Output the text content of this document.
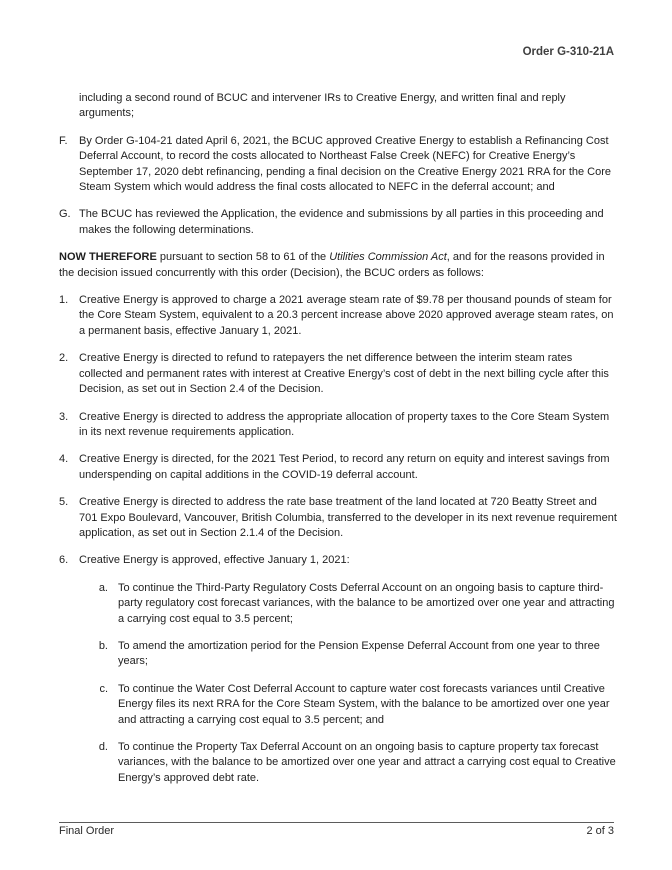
Order G-310-21A

including a second round of BCUC and intervener IRs to Creative Energy, and written final and reply arguments;

F.	By Order G-104-21 dated April 6, 2021, the BCUC approved Creative Energy to establish a Refinancing Cost Deferral Account, to record the costs allocated to Northeast False Creek (NEFC) for Creative Energy’s September 17, 2020 debt refinancing, pending a final decision on the Creative Energy 2021 RRA for the Core Steam System which would address the final costs allocated to NEFC in the deferral account; and
G. The BCUC has reviewed the Application, the evidence and submissions by all parties in this proceeding and makes the following determinations.

NOW THEREFORE pursuant to section 58 to 61 of the Utilities Commission Act, and for the reasons provided in the decision issued concurrently with this order (Decision), the BCUC orders as follows:

1. Creative Energy is approved to charge a 2021 average steam rate of $9.78 per thousand pounds of steam for the Core Steam System, equivalent to a 20.3 percent increase above 2020 approved average steam rates, on a permanent basis, effective January 1, 2021.
2. Creative Energy is directed to refund to ratepayers the net difference between the interim steam rates collected and permanent rates with interest at Creative Energy’s cost of debt in the next billing cycle after this Decision, as set out in Section 2.4 of the Decision.
3. Creative Energy is directed to address the appropriate allocation of property taxes to the Core Steam System in its next revenue requirements application.
4. Creative Energy is directed, for the 2021 Test Period, to record any return on equity and interest savings from underspending on capital additions in the COVID-19 deferral account.
5. Creative Energy is directed to address the rate base treatment of the land located at 720 Beatty Street and 701 Expo Boulevard, Vancouver, British Columbia, transferred to the developer in its next revenue requirement application, as set out in Section 2.1.4 of the Decision.
6. Creative Energy is approved, effective January 1, 2021:
a. To continue the Third-Party Regulatory Costs Deferral Account on an ongoing basis to capture third-party regulatory cost forecast variances, with the balance to be amortized over one year and attracting a carrying cost equal to 3.5 percent;
b. To amend the amortization period for the Pension Expense Deferral Account from one year to three years;
c. To continue the Water Cost Deferral Account to capture water cost forecasts variances until Creative Energy files its next RRA for the Core Steam System, with the balance to be amortized over one year and attracting a carrying cost equal to 3.5 percent; and
d. To continue the Property Tax Deferral Account on an ongoing basis to capture property tax forecast variances, with the balance to be amortized over one year and attract a carrying cost equal to Creative Energy’s approved debt rate.
Final Order	2 of 3
